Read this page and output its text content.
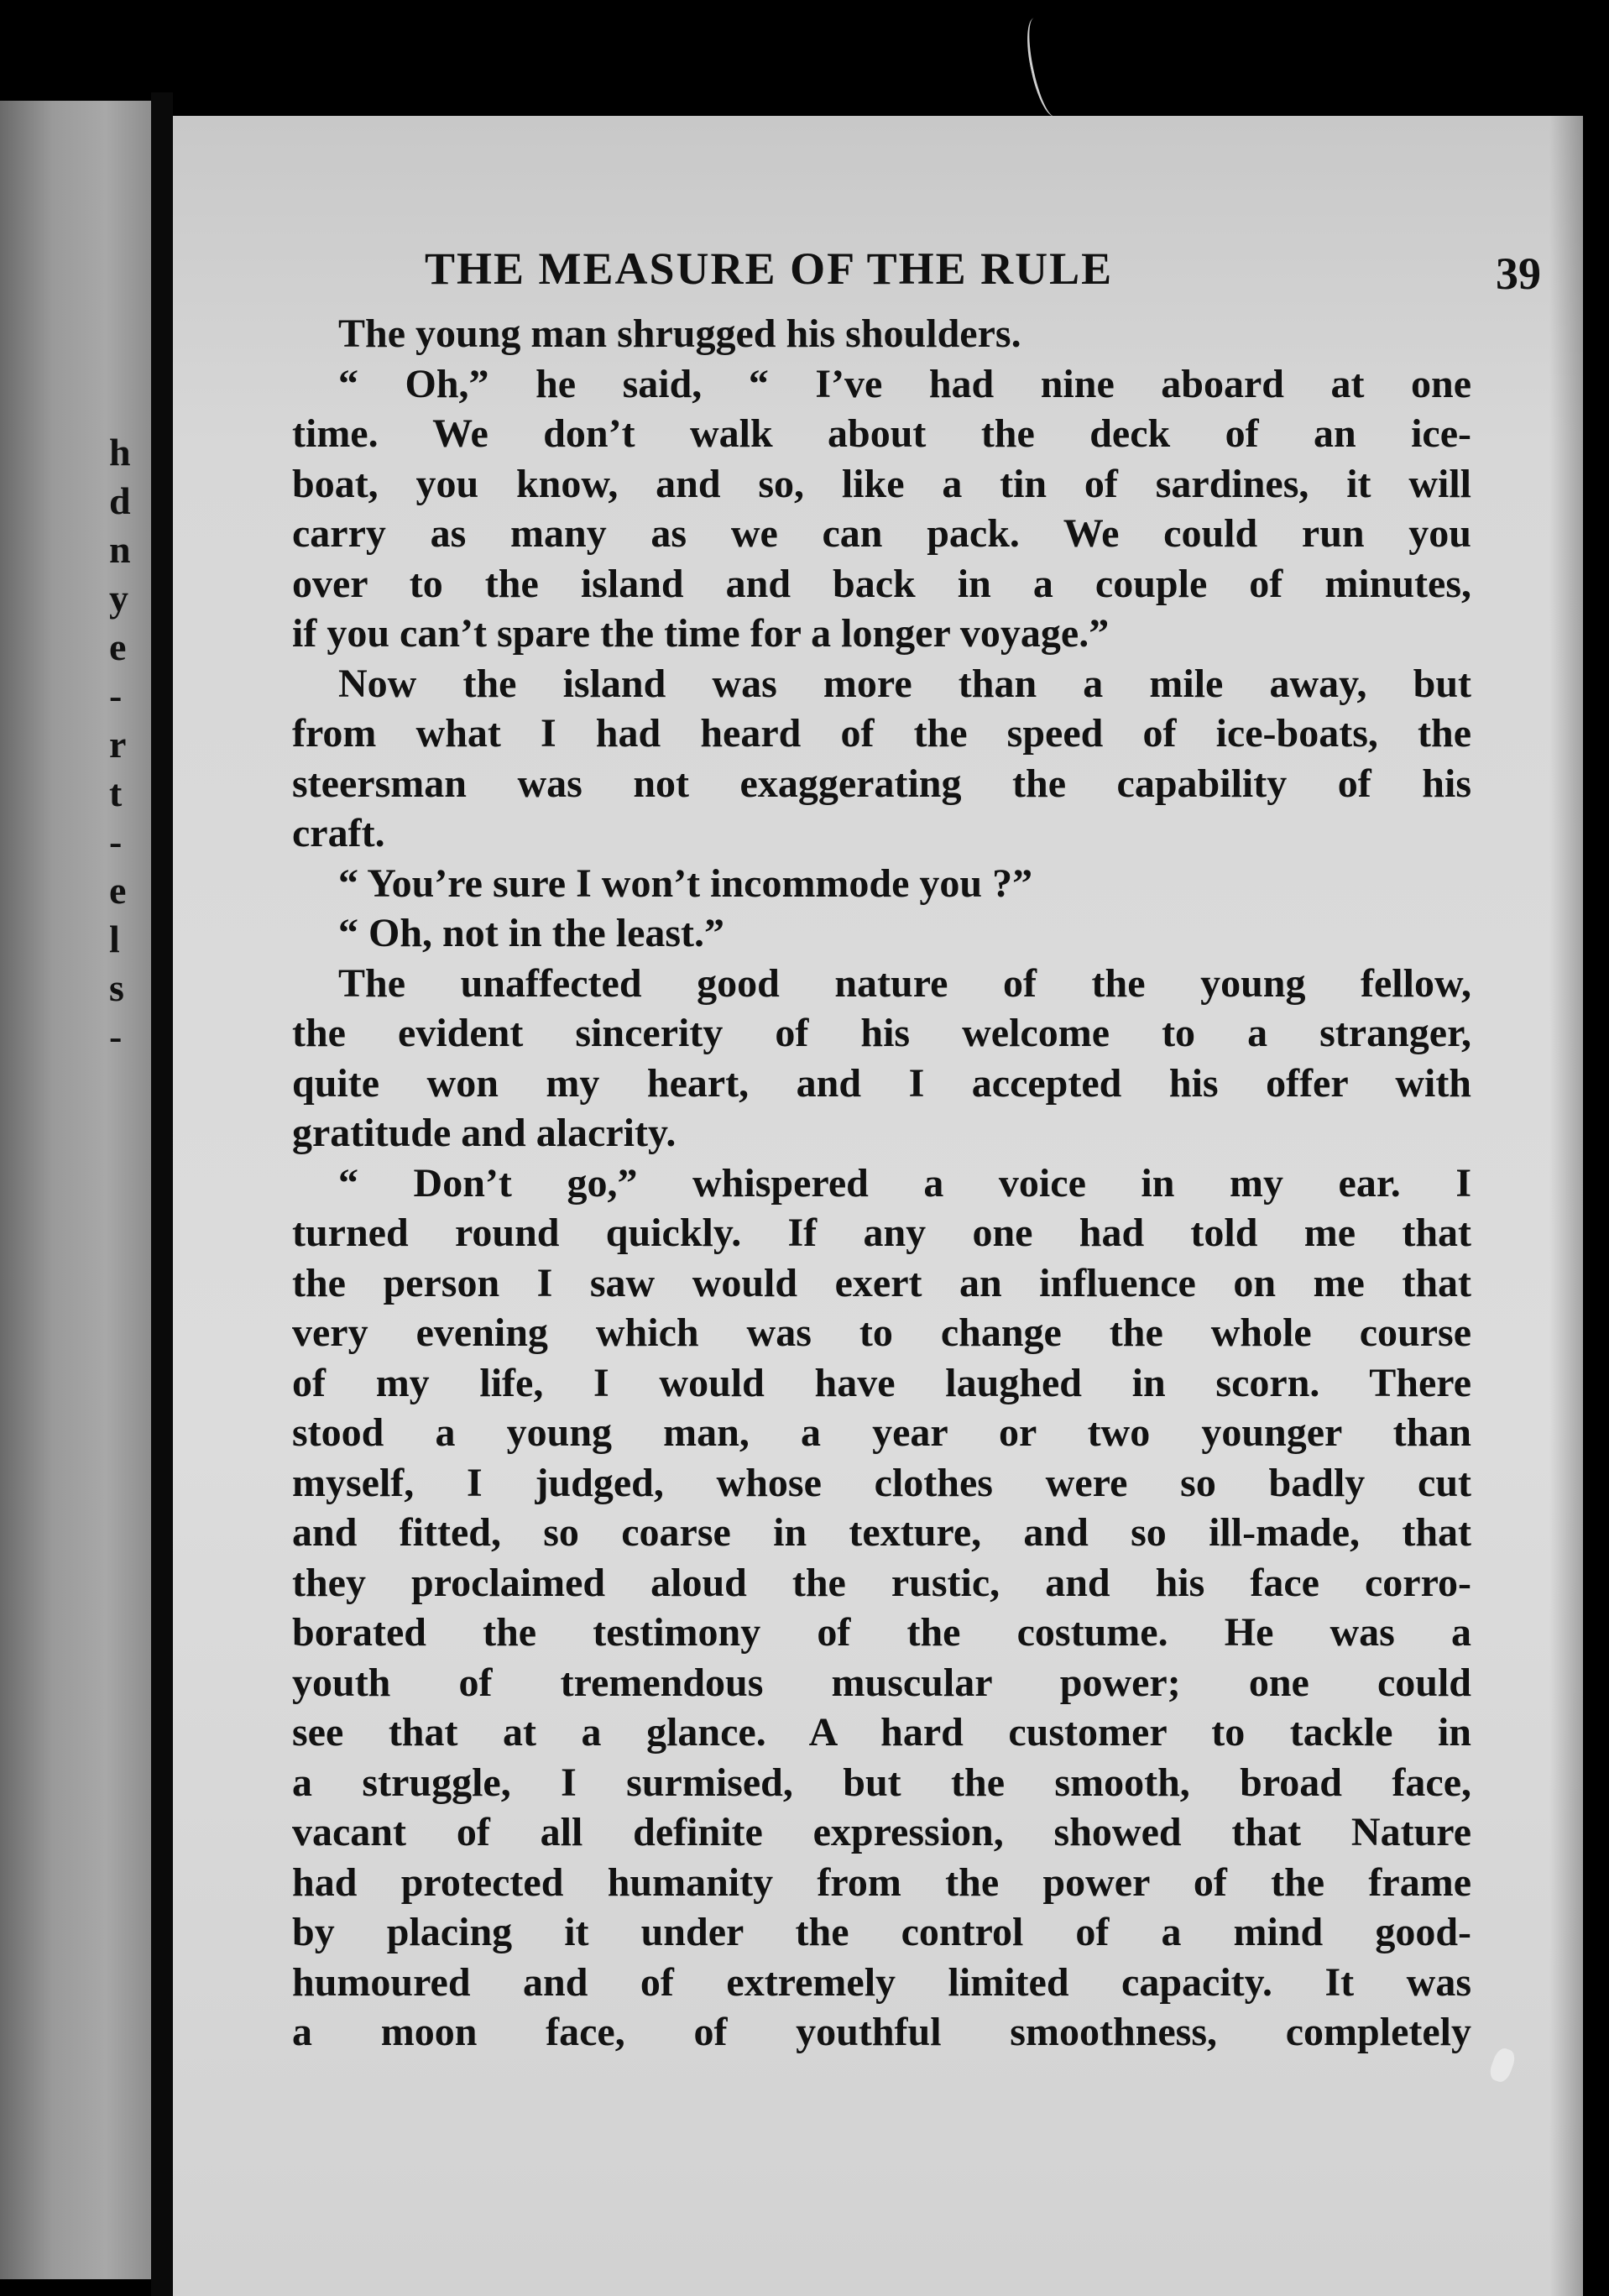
h
d
n
y
e
-
r
t
-
e
l
s
-
THE MEASURE OF THE RULE	39
The young man shrugged his shoulders.
“ Oh,” he said, “ I’ve had nine aboard at one
time. We don’t walk about the deck of an ice-
boat, you know, and so, like a tin of sardines, it will
carry as many as we can pack. We could run you
over to the island and back in a couple of minutes,
if you can’t spare the time for a longer voyage.”
Now the island was more than a mile away, but
from what I had heard of the speed of ice-boats, the
steersman was not exaggerating the capability of his
craft.
“ You’re sure I won’t incommode you ?”
“ Oh, not in the least.”
The unaffected good nature of the young fellow,
the evident sincerity of his welcome to a stranger,
quite won my heart, and I accepted his offer with
gratitude and alacrity.
“ Don’t go,” whispered a voice in my ear. I
turned round quickly. If any one had told me that
the person I saw would exert an influence on me that
very evening which was to change the whole course
of my life, I would have laughed in scorn. There
stood a young man, a year or two younger than
myself, I judged, whose clothes were so badly cut
and fitted, so coarse in texture, and so ill-made, that
they proclaimed aloud the rustic, and his face corro-
borated the testimony of the costume. He was a
youth of tremendous muscular power; one could
see that at a glance. A hard customer to tackle in
a struggle, I surmised, but the smooth, broad face,
vacant of all definite expression, showed that Nature
had protected humanity from the power of the frame
by placing it under the control of a mind good-
humoured and of extremely limited capacity. It was
a moon face, of youthful smoothness, completely
